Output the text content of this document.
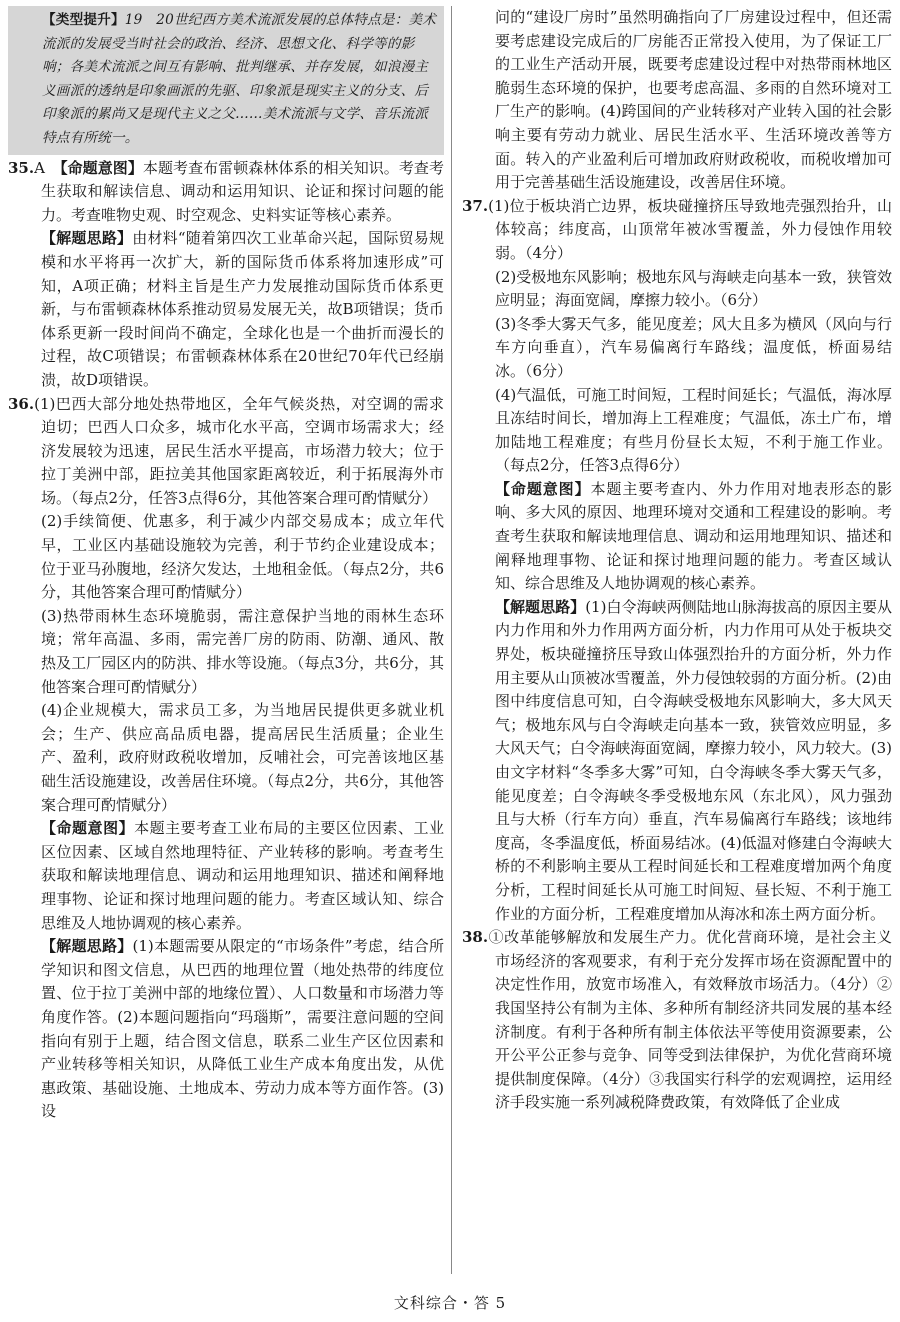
【类型提升】19　20世纪西方美术流派发展的总体特点是：美术流派的发展受当时社会的政治、经济、思想文化、科学等的影响；各美术流派之间互有影响、批判继承、并存发展，如浪漫主义画派的透纳是印象画派的先驱、印象派是现实主义的分支、后印象派的累尚又是现代主义之父……美术流派与文学、音乐流派特点有所统一。

35.A　【命题意图】本题考查布雷顿森林体系的相关知识。考查考生获取和解读信息、调动和运用知识、论证和探讨问题的能力。考查唯物史观、时空观念、史料实证等核心素养。

【解题思路】由材料“随着第四次工业革命兴起，国际贸易规模和水平将再一次扩大，新的国际货币体系将加速形成”可知，A项正确；材料主旨是生产力发展推动国际货币体系更新，与布雷顿森林体系推动贸易发展无关，故B项错误；货币体系更新一段时间尚不确定，全球化也是一个曲折而漫长的过程，故C项错误；布雷顿森林体系在20世纪70年代已经崩溃，故D项错误。

36.(1)巴西大部分地处热带地区，全年气候炎热，对空调的需求迫切；巴西人口众多，城市化水平高，空调市场需求大；经济发展较为迅速，居民生活水平提高，市场潜力较大；位于拉丁美洲中部，距拉美其他国家距离较近，利于拓展海外市场。（每点2分，任答3点得6分，其他答案合理可酌情赋分）

(2)手续简便、优惠多，利于减少内部交易成本；成立年代早，工业区内基础设施较为完善，利于节约企业建设成本；位于亚马孙腹地，经济欠发达，土地租金低。（每点2分，共6分，其他答案合理可酌情赋分）

(3)热带雨林生态环境脆弱，需注意保护当地的雨林生态环境；常年高温、多雨，需完善厂房的防雨、防潮、通风、散热及工厂园区内的防洪、排水等设施。（每点3分，共6分，其他答案合理可酌情赋分）

(4)企业规模大，需求员工多，为当地居民提供更多就业机会；生产、供应高品质电器，提高居民生活质量；企业生产、盈利，政府财政税收增加，反哺社会，可完善该地区基础生活设施建设，改善居住环境。（每点2分，共6分，其他答案合理可酌情赋分）

【命题意图】本题主要考查工业布局的主要区位因素、工业区位因素、区域自然地理特征、产业转移的影响。考查考生获取和解读地理信息、调动和运用地理知识、描述和阐释地理事物、论证和探讨地理问题的能力。考查区域认知、综合思维及人地协调观的核心素养。

【解题思路】(1)本题需要从限定的“市场条件”考虑，结合所学知识和图文信息，从巴西的地理位置（地处热带的纬度位置、位于拉丁美洲中部的地缘位置）、人口数量和市场潜力等角度作答。(2)本题问题指向“玛瑙斯”，需要注意问题的空间指向有别于上题，结合图文信息，联系二业生产区位因素和产业转移等相关知识，从降低工业生产成本角度出发，从优惠政策、基础设施、土地成本、劳动力成本等方面作答。(3)设

问的“建设厂房时”虽然明确指向了厂房建设过程中，但还需要考虑建设完成后的厂房能否正常投入使用，为了保证工厂的工业生产活动开展，既要考虑建设过程中对热带雨林地区脆弱生态环境的保护，也要考虑高温、多雨的自然环境对工厂生产的影响。(4)跨国间的产业转移对产业转入国的社会影响主要有劳动力就业、居民生活水平、生活环境改善等方面。转入的产业盈利后可增加政府财政税收，而税收增加可用于完善基础生活设施建设，改善居住环境。

37.(1)位于板块消亡边界，板块碰撞挤压导致地壳强烈抬升，山体较高；纬度高，山顶常年被冰雪覆盖，外力侵蚀作用较弱。（4分）

(2)受极地东风影响；极地东风与海峡走向基本一致，狭管效应明显；海面宽阔，摩擦力较小。（6分）

(3)冬季大雾天气多，能见度差；风大且多为横风（风向与行车方向垂直），汽车易偏离行车路线；温度低，桥面易结冰。（6分）

(4)气温低，可施工时间短，工程时间延长；气温低，海冰厚且冻结时间长，增加海上工程难度；气温低，冻土广布，增加陆地工程难度；有些月份昼长太短，不利于施工作业。（每点2分，任答3点得6分）

【命题意图】本题主要考查内、外力作用对地表形态的影响、多大风的原因、地理环境对交通和工程建设的影响。考查考生获取和解读地理信息、调动和运用地理知识、描述和阐释地理事物、论证和探讨地理问题的能力。考查区域认知、综合思维及人地协调观的核心素养。

【解题思路】(1)白令海峡两侧陆地山脉海拔高的原因主要从内力作用和外力作用两方面分析，内力作用可从处于板块交界处，板块碰撞挤压导致山体强烈抬升的方面分析，外力作用主要从山顶被冰雪覆盖，外力侵蚀较弱的方面分析。(2)由图中纬度信息可知，白令海峡受极地东风影响大，多大风天气；极地东风与白令海峡走向基本一致，狭管效应明显，多大风天气；白令海峡海面宽阔，摩擦力较小，风力较大。(3)由文字材料“冬季多大雾”可知，白令海峡冬季大雾天气多，能见度差；白令海峡冬季受极地东风（东北风），风力强劲且与大桥（行车方向）垂直，汽车易偏离行车路线；该地纬度高，冬季温度低，桥面易结冰。(4)低温对修建白令海峡大桥的不利影响主要从工程时间延长和工程难度增加两个角度分析，工程时间延长从可施工时间短、昼长短、不利于施工作业的方面分析，工程难度增加从海冰和冻土两方面分析。

38.①改革能够解放和发展生产力。优化营商环境，是社会主义市场经济的客观要求，有利于充分发挥市场在资源配置中的决定性作用，放宽市场准入，有效释放市场活力。（4分）②我国坚持公有制为主体、多种所有制经济共同发展的基本经济制度。有利于各种所有制主体依法平等使用资源要素，公开公平公正参与竞争、同等受到法律保护，为优化营商环境提供制度保障。（4分）③我国实行科学的宏观调控，运用经济手段实施一系列减税降费政策，有效降低了企业成

文科综合・答 5
